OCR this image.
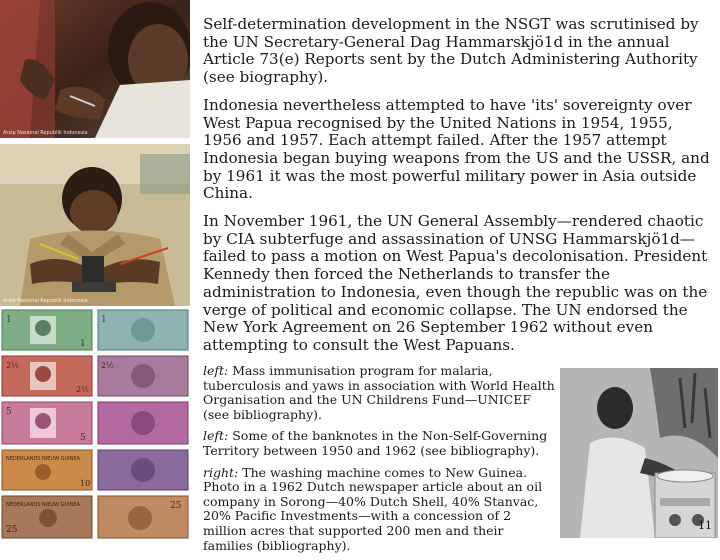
Arsip Nasional Republik Indonesia
Arsip Nasional Republik Indonesia
1
1
1
2½
2½
2½
5
5
NEDERLANDS NIEUW GUINEA
10
NEDERLANDS NIEUW GUINEA
25
25

Self-determination development in the NSGT was scrutinised by the UN Secretary-General Dag Hammarskjö1d in the annual Article 73(e) Reports sent by the Dutch Administering Authority (see biography).

Indonesia nevertheless attempted to have 'its' sovereignty over West Papua recognised by the United Nations in 1954, 1955, 1956 and 1957. Each attempt failed. After the 1957 attempt Indonesia began buying weapons from the US and the USSR, and by 1961 it was the most powerful military power in Asia outside China.

In November 1961, the UN General Assembly—rendered chaotic by CIA subterfuge and assassination of UNSG Hammarskjö1d—failed to pass a motion on West Papua's decolonisation. President Kennedy then forced the Netherlands to transfer the administration to Indonesia, even though the republic was on the verge of political and economic collapse. The UN endorsed the New York Agreement on 26 September 1962 without even attempting to consult the West Papuans.

left: Mass immunisation program for malaria, tuberculosis and yaws in association with World Health Organisation and the UN Childrens Fund—UNICEF (see bibliography).

left: Some of the banknotes in the Non-Self-Governing Territory between 1950 and 1962 (see bibliography).

right: The washing machine comes to New Guinea. Photo in a 1962 Dutch newspaper article about an oil company in Sorong—40% Dutch Shell, 40% Stanvac, 20% Pacific Investments—with a concession of 2 million acres that supported 200 men and their families (bibliography).

11
